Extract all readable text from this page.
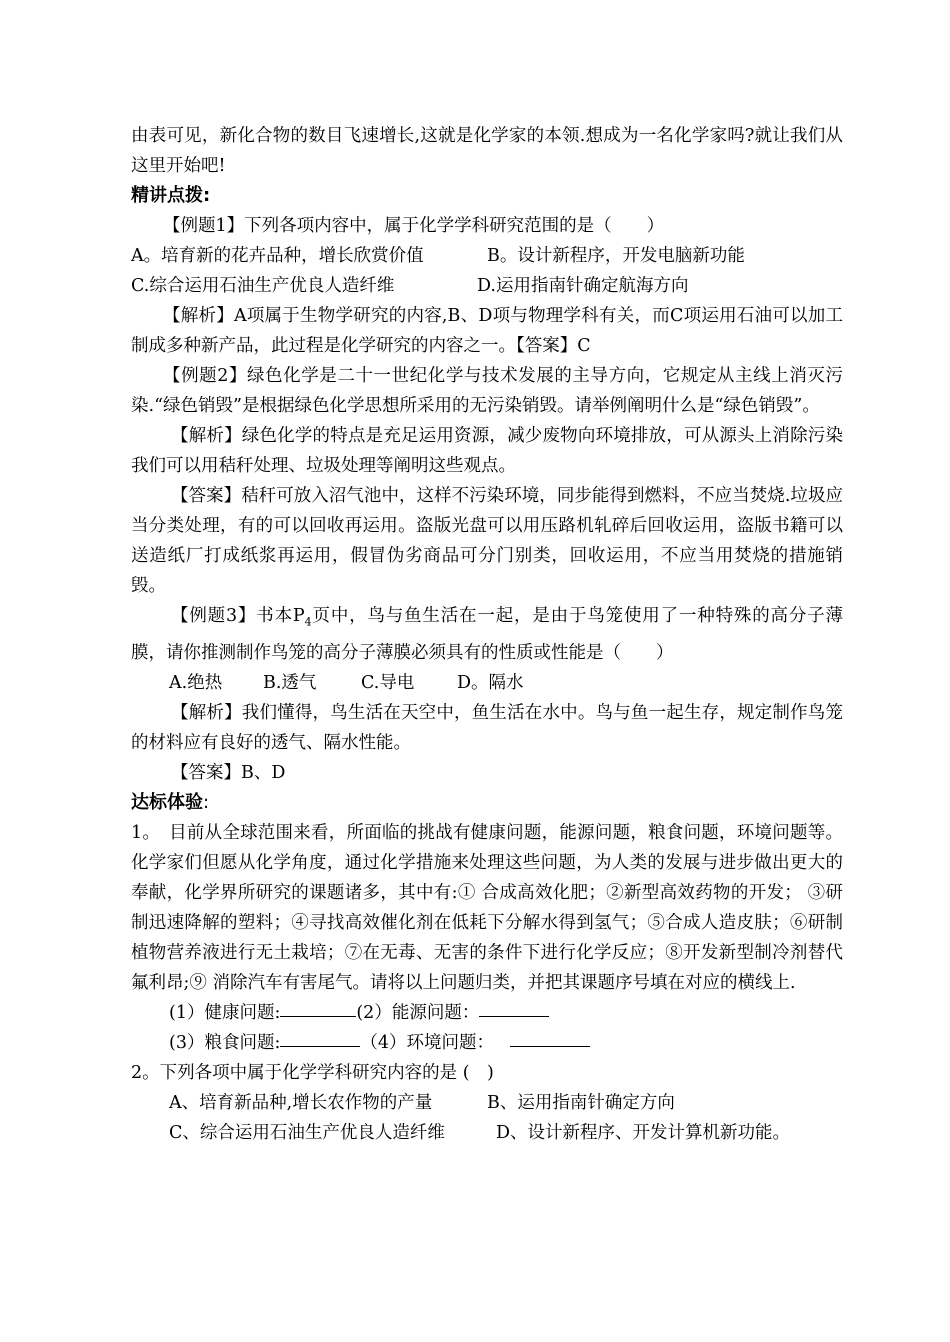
由表可见，新化合物的数目飞速增长,这就是化学家的本领.想成为一名化学家吗?就让我们从这里开始吧!

精讲点拨:

【例题1】下列各项内容中，属于化学学科研究范围的是（　　）

A。培育新的花卉品种，增长欣赏价值	B。设计新程序，开发电脑新功能
C.综合运用石油生产优良人造纤维	D.运用指南针确定航海方向

【解析】A项属于生物学研究的内容,B、D项与物理学科有关，而C项运用石油可以加工制成多种新产品，此过程是化学研究的内容之一。【答案】C

【例题2】绿色化学是二十一世纪化学与技术发展的主导方向，它规定从主线上消灭污染.“绿色销毁”是根据绿色化学思想所采用的无污染销毁。请举例阐明什么是“绿色销毁”。

【解析】绿色化学的特点是充足运用资源，减少废物向环境排放，可从源头上消除污染我们可以用秸秆处理、垃圾处理等阐明这些观点。

【答案】秸秆可放入沼气池中，这样不污染环境，同步能得到燃料，不应当焚烧.垃圾应当分类处理，有的可以回收再运用。盗版光盘可以用压路机轧碎后回收运用，盗版书籍可以送造纸厂打成纸浆再运用，假冒伪劣商品可分门别类，回收运用，不应当用焚烧的措施销毁。

【例题3】书本$P_4$页中，鸟与鱼生活在一起，是由于鸟笼使用了一种特殊的高分子薄膜，请你推测制作鸟笼的高分子薄膜必须具有的性质或性能是（　　）

A.绝热	B.透气	C.导电	D。隔水

【解析】我们懂得，鸟生活在天空中，鱼生活在水中。鸟与鱼一起生存，规定制作鸟笼的材料应有良好的透气、隔水性能。

【答案】B、D

达标体验:

1。　目前从全球范围来看，所面临的挑战有健康问题，能源问题，粮食问题，环境问题等。化学家们但愿从化学角度，通过化学措施来处理这些问题，为人类的发展与进步做出更大的奉献，化学界所研究的课题诸多，其中有:① 合成高效化肥；②新型高效药物的开发； ③研制迅速降解的塑料；④寻找高效催化剂在低耗下分解水得到氢气；⑤合成人造皮肤；⑥研制植物营养液进行无土栽培；⑦在无毒、无害的条件下进行化学反应；⑧开发新型制冷剂替代氟利昂;⑨ 消除汽车有害尾气。请将以上问题归类，并把其课题序号填在对应的横线上.

(1）健康问题:	(2）能源问题：
(3）粮食问题:	（4）环境问题：

2。下列各项中属于化学学科研究内容的是 (　)

A、培育新品种,增长农作物的产量	B、运用指南针确定方向
C、综合运用石油生产优良人造纤维	D、设计新程序、开发计算机新功能。
